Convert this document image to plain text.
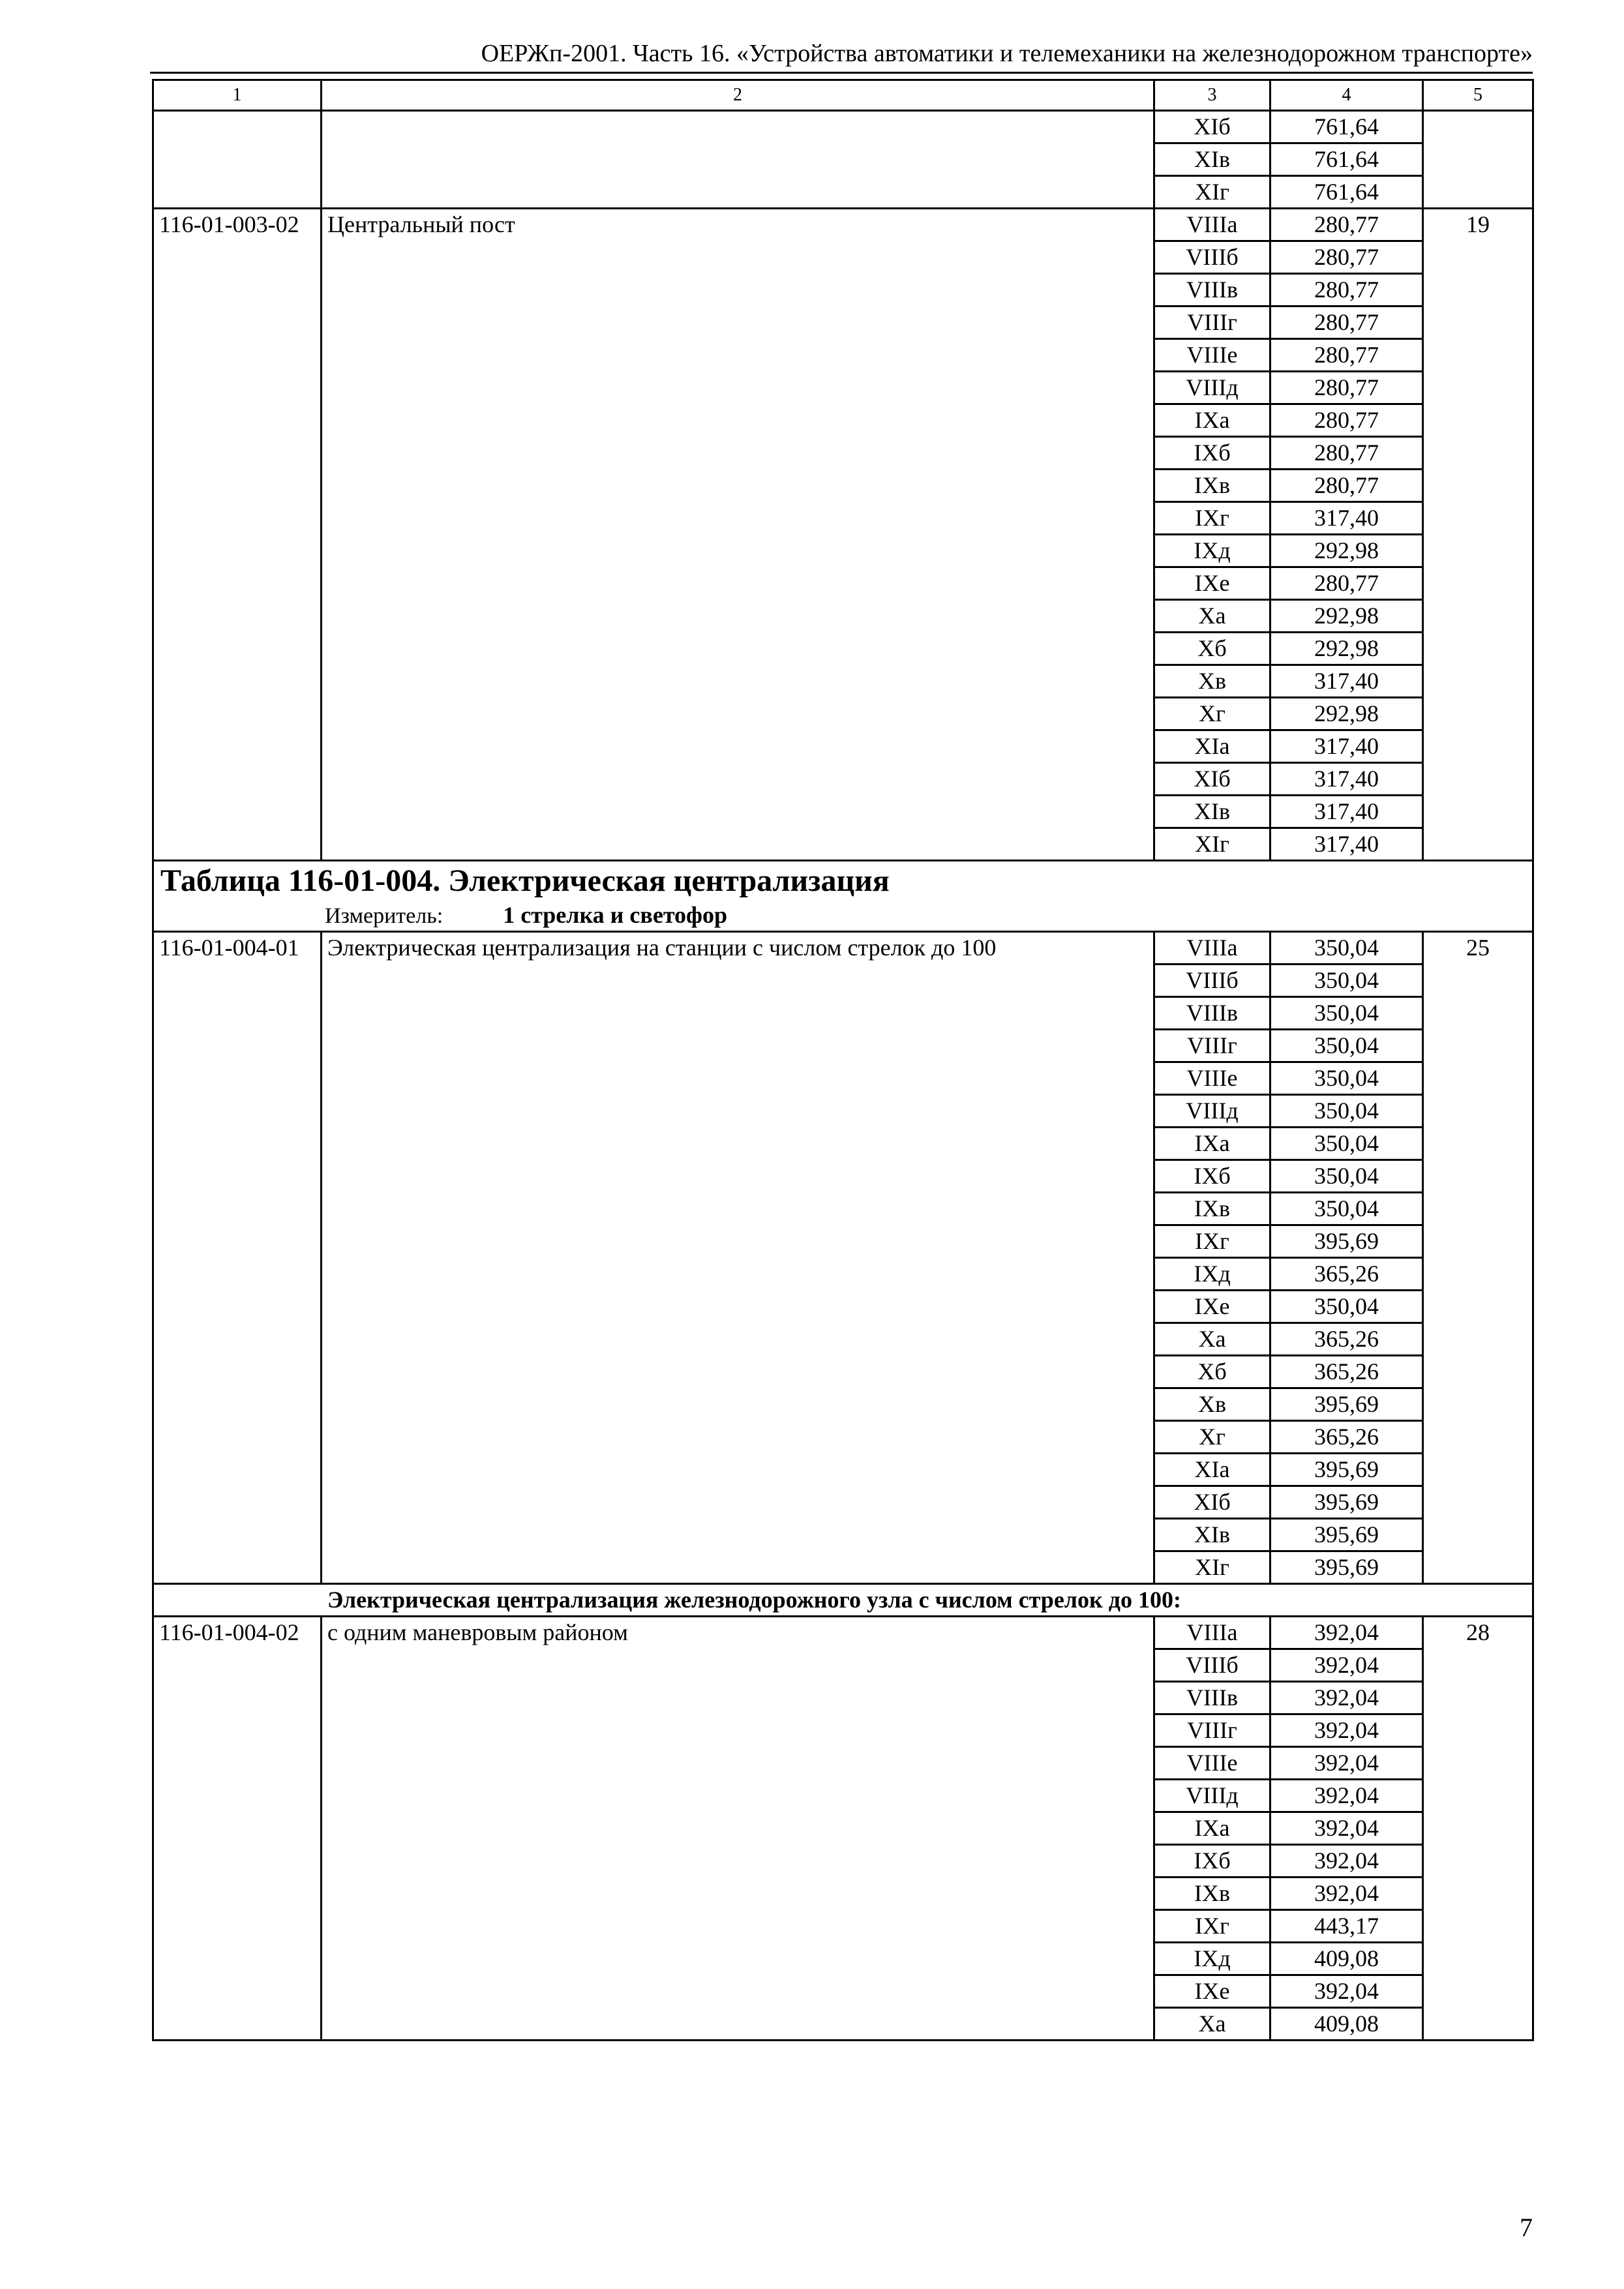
ОЕРЖп-2001. Часть 16. «Устройства автоматики и телемеханики на железнодорожном транспорте»
1	2	3	4	5
		XIб	761,64	
		XIв	761,64	
		XIг	761,64	
116-01-003-02	Центральный пост	VIIIа	280,77	19
		VIIIб	280,77	
		VIIIв	280,77	
		VIIIг	280,77	
		VIIIе	280,77	
		VIIIд	280,77	
		IXа	280,77	
		IXб	280,77	
		IXв	280,77	
		IXг	317,40	
		IXд	292,98	
		IXе	280,77	
		Xа	292,98	
		Xб	292,98	
		Xв	317,40	
		Xг	292,98	
		XIа	317,40	
		XIб	317,40	
		XIв	317,40	
		XIг	317,40	
Таблица 116-01-004. Электрическая централизация				
Измеритель: 1 стрелка и светофор				
116-01-004-01	Электрическая централизация на станции с числом стрелок до 100	VIIIа	350,04	25
		VIIIб	350,04	
		VIIIв	350,04	
		VIIIг	350,04	
		VIIIе	350,04	
		VIIIд	350,04	
		IXа	350,04	
		IXб	350,04	
		IXв	350,04	
		IXг	395,69	
		IXд	365,26	
		IXе	350,04	
		Xа	365,26	
		Xб	365,26	
		Xв	395,69	
		Xг	365,26	
		XIа	395,69	
		XIб	395,69	
		XIв	395,69	
		XIг	395,69	
Электрическая централизация железнодорожного узла с числом стрелок до 100:				
116-01-004-02	с одним маневровым районом	VIIIа	392,04	28
		VIIIб	392,04	
		VIIIв	392,04	
		VIIIг	392,04	
		VIIIе	392,04	
		VIIIд	392,04	
		IXа	392,04	
		IXб	392,04	
		IXв	392,04	
		IXг	443,17	
		IXд	409,08	
		IXе	392,04	
		Xа	409,08	
7
